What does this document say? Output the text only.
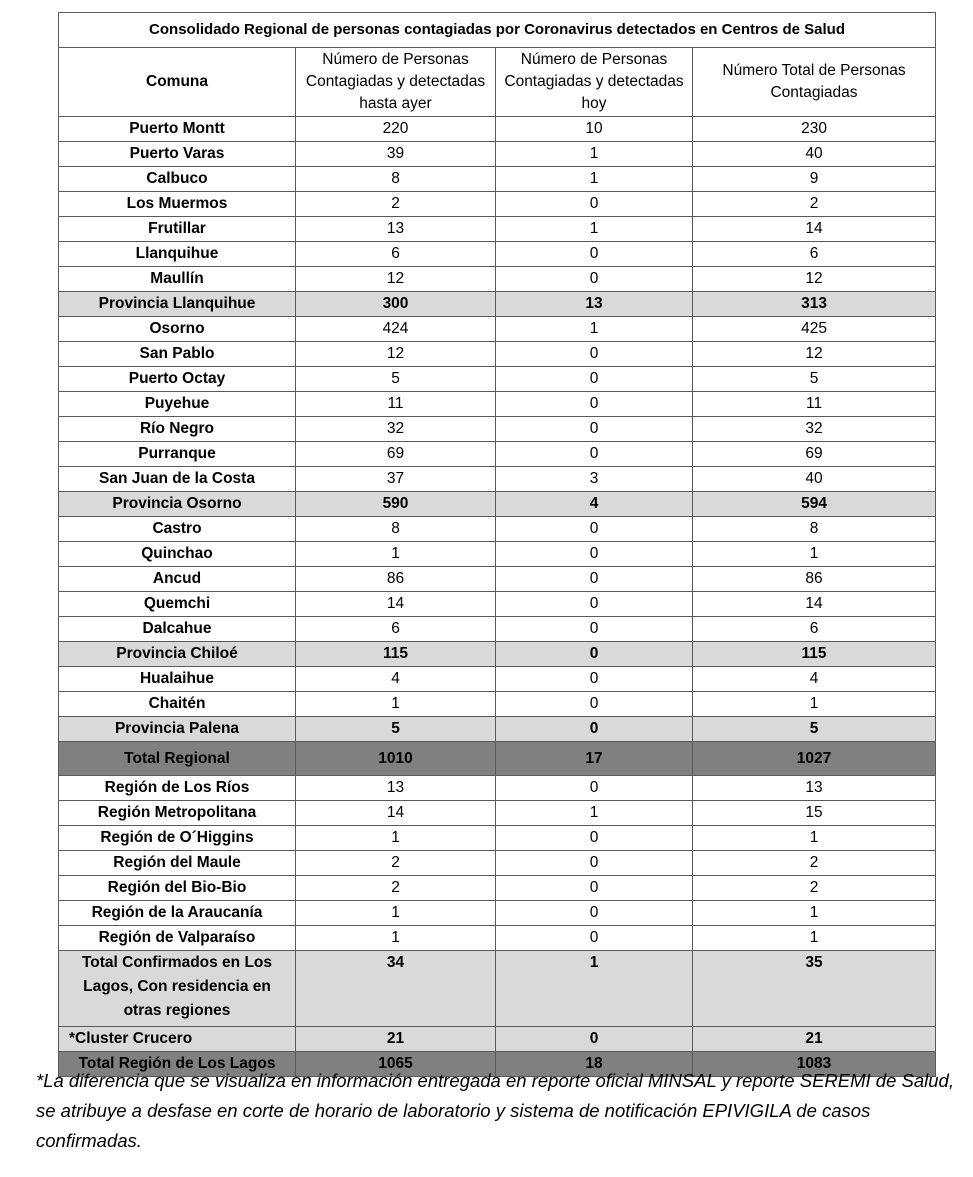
Consolidado Regional de personas contagiadas por Coronavirus detectados en Centros de Salud			
Comuna	Número de Personas Contagiadas y detectadas hasta ayer	Número de Personas Contagiadas y detectadas hoy	Número Total de Personas Contagiadas
Puerto Montt	220	10	230
Puerto Varas	39	1	40
Calbuco	8	1	9
Los Muermos	2	0	2
Frutillar	13	1	14
Llanquihue	6	0	6
Maullín	12	0	12
Provincia Llanquihue	300	13	313
Osorno	424	1	425
San Pablo	12	0	12
Puerto Octay	5	0	5
Puyehue	11	0	11
Río Negro	32	0	32
Purranque	69	0	69
San Juan de la Costa	37	3	40
Provincia Osorno	590	4	594
Castro	8	0	8
Quinchao	1	0	1
Ancud	86	0	86
Quemchi	14	0	14
Dalcahue	6	0	6
Provincia Chiloé	115	0	115
Hualaihue	4	0	4
Chaitén	1	0	1
Provincia Palena	5	0	5
Total Regional	1010	17	1027
Región de Los Ríos	13	0	13
Región Metropolitana	14	1	15
Región de O´Higgins	1	0	1
Región del Maule	2	0	2
Región del Bio-Bio	2	0	2
Región de la Araucanía	1	0	1
Región de Valparaíso	1	0	1
Total Confirmados en Los Lagos, Con residencia en otras regiones	34	1	35
*Cluster Crucero	21	0	21
Total Región de Los Lagos	1065	18	1083
*La diferencia que se visualiza en información entregada en reporte oficial MINSAL y reporte SEREMI de Salud, se atribuye a desfase en corte de horario de laboratorio y sistema de notificación EPIVIGILA de casos confirmadas.
